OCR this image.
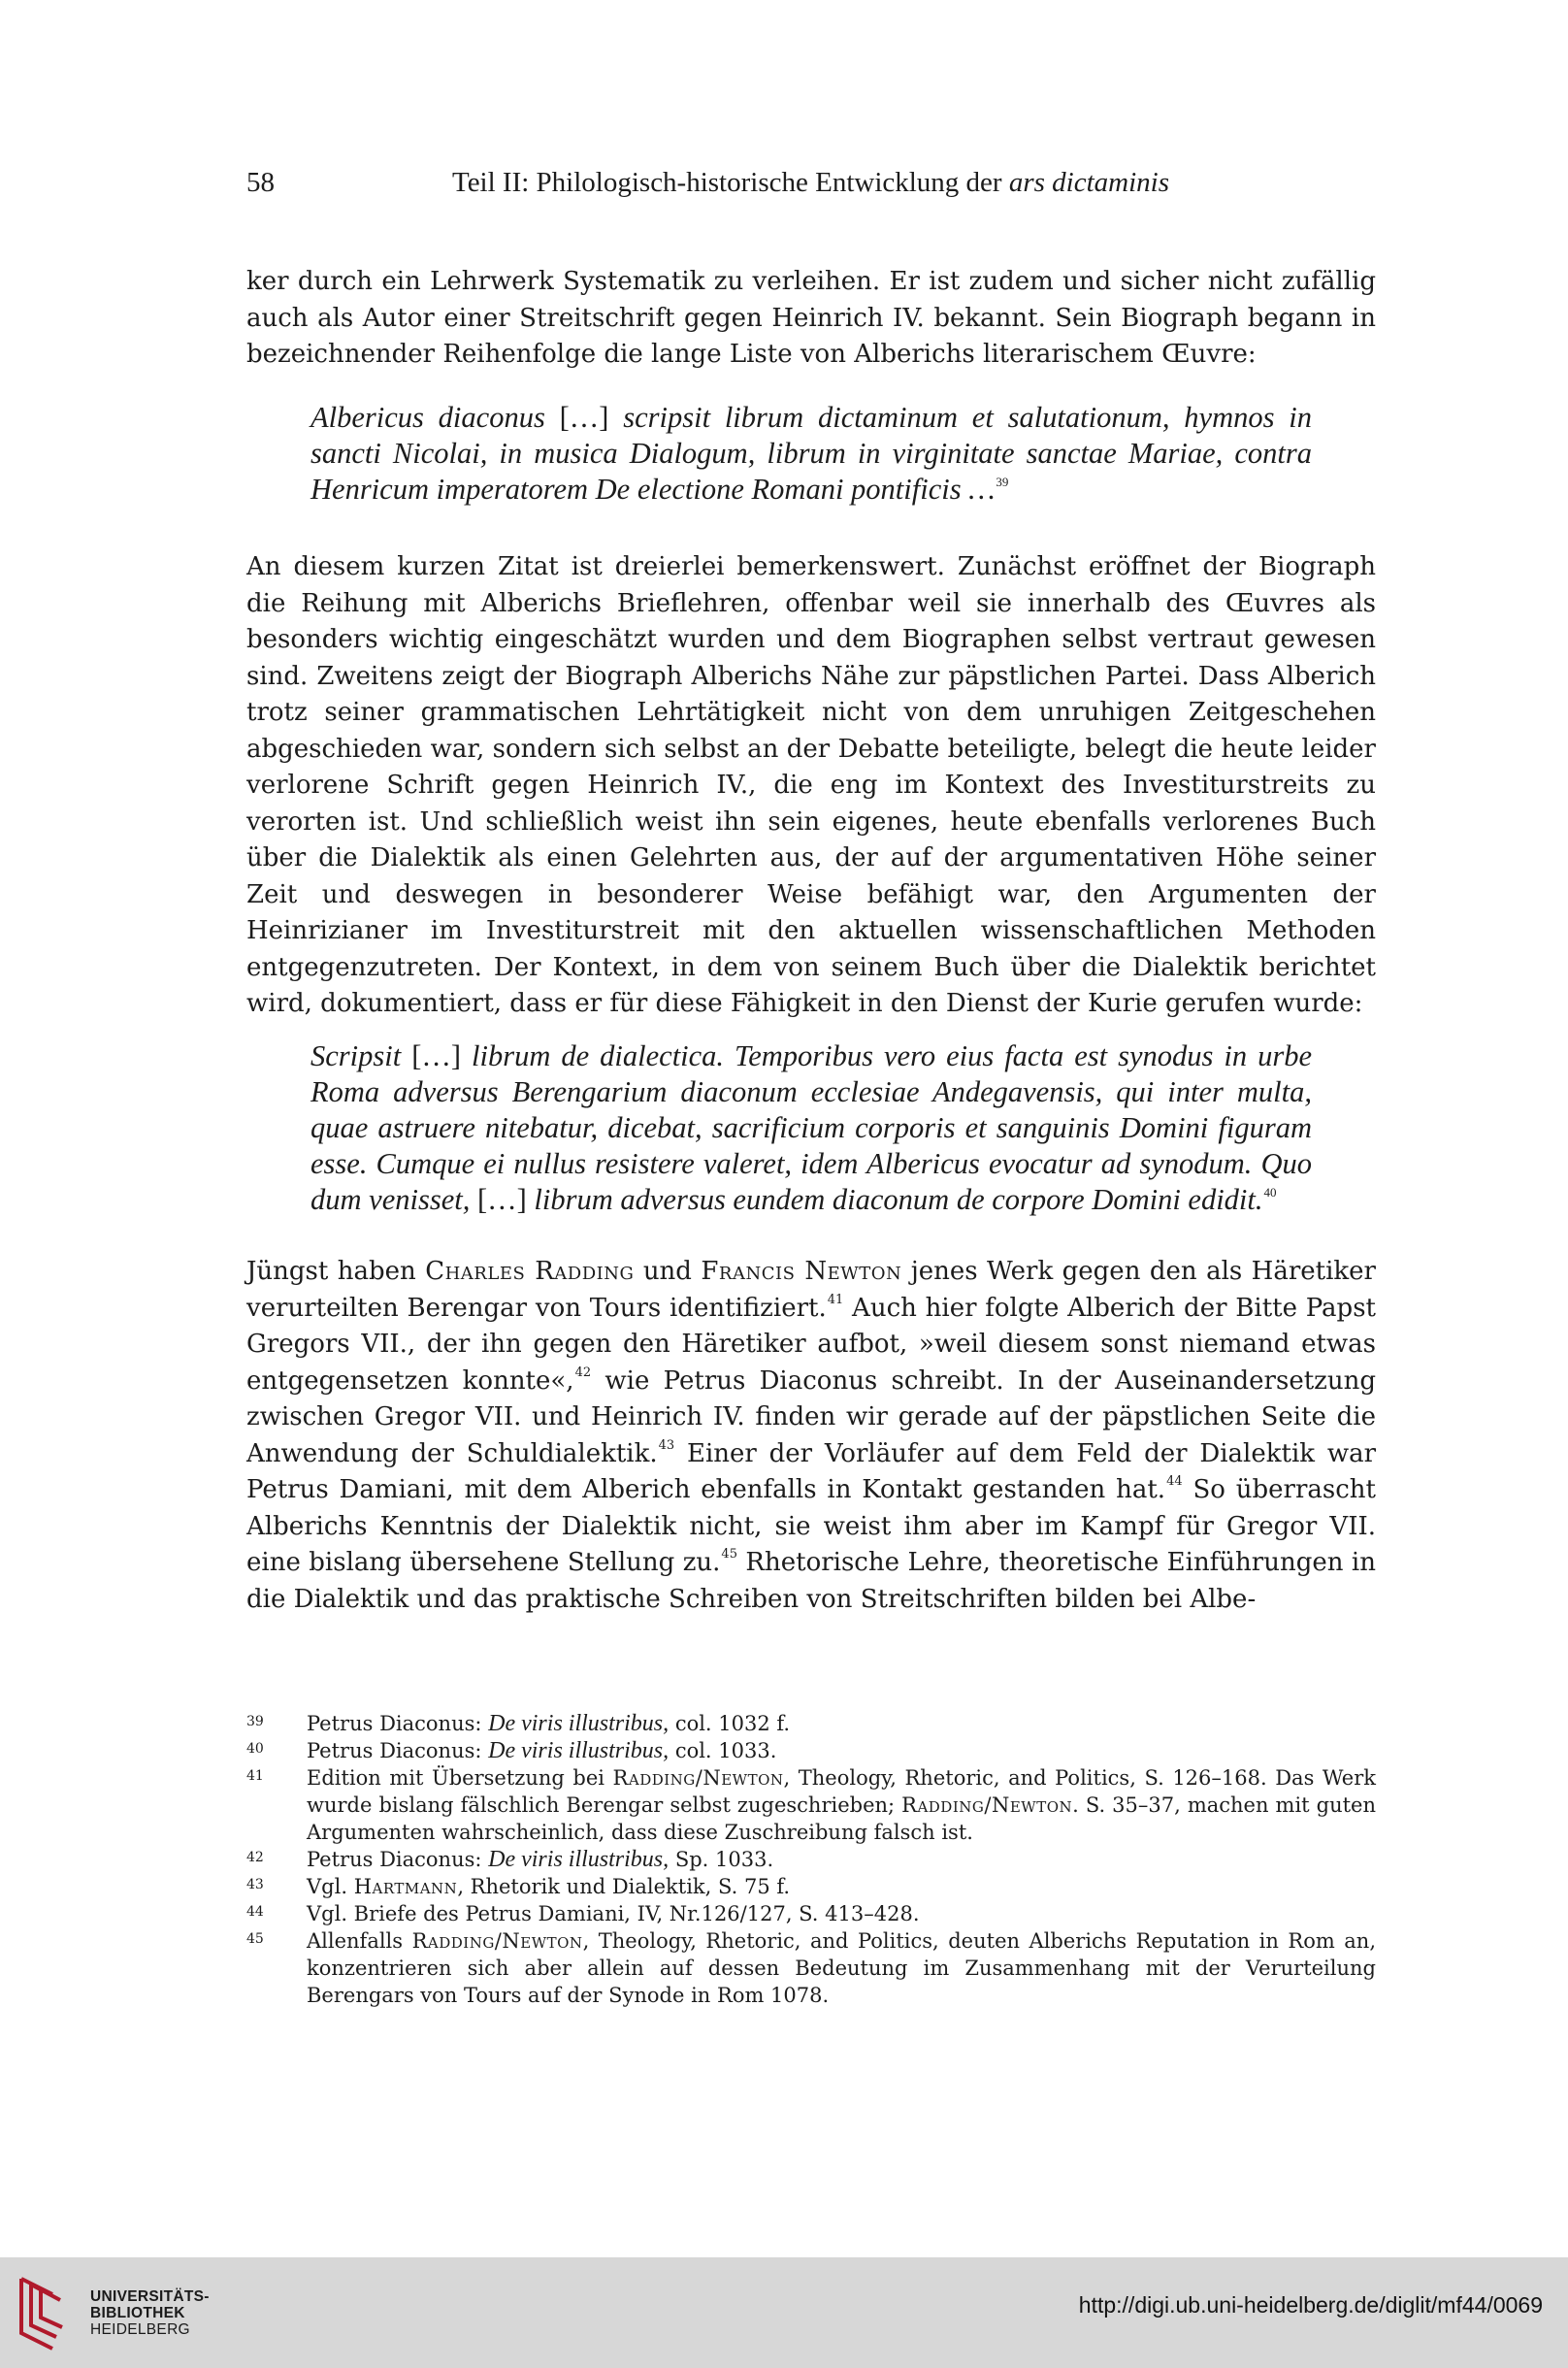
58	Teil II: Philologisch-historische Entwicklung der ars dictaminis

ker durch ein Lehrwerk Systematik zu verleihen. Er ist zudem und sicher nicht zufällig auch als Autor einer Streitschrift gegen Heinrich IV. bekannt. Sein Biograph begann in bezeichnender Reihenfolge die lange Liste von Alberichs literarischem Œuvre:

Albericus diaconus […] scripsit librum dictaminum et salutationum, hymnos in sancti Nicolai, in musica Dialogum, librum in virginitate sanctae Mariae, contra Henricum imperatorem De electione Romani pontificis …$^{39}$

An diesem kurzen Zitat ist dreierlei bemerkenswert. Zunächst eröffnet der Biograph die Reihung mit Alberichs Brieflehren, offenbar weil sie innerhalb des Œuvres als besonders wichtig eingeschätzt wurden und dem Biographen selbst vertraut gewesen sind. Zweitens zeigt der Biograph Alberichs Nähe zur päpstlichen Partei. Dass Alberich trotz seiner grammatischen Lehrtätigkeit nicht von dem unruhigen Zeitgeschehen abgeschieden war, sondern sich selbst an der Debatte beteiligte, belegt die heute leider verlorene Schrift gegen Heinrich IV., die eng im Kontext des Investiturstreits zu verorten ist. Und schließlich weist ihn sein eigenes, heute ebenfalls verlorenes Buch über die Dialektik als einen Gelehrten aus, der auf der argumentativen Höhe seiner Zeit und deswegen in besonderer Weise befähigt war, den Argumenten der Heinrizianer im Investiturstreit mit den aktuellen wissenschaftlichen Methoden entgegenzutreten. Der Kontext, in dem von seinem Buch über die Dialektik berichtet wird, dokumentiert, dass er für diese Fähigkeit in den Dienst der Kurie gerufen wurde:

Scripsit […] librum de dialectica. Temporibus vero eius facta est synodus in urbe Roma adversus Berengarium diaconum ecclesiae Andegavensis, qui inter multa, quae astruere nitebatur, dicebat, sacrificium corporis et sanguinis Domini figuram esse. Cumque ei nullus resistere valeret, idem Albericus evocatur ad synodum. Quo dum venisset, […] librum adversus eundem diaconum de corpore Domini edidit.$^{40}$

Jüngst haben Charles Radding und Francis Newton jenes Werk gegen den als Häretiker verurteilten Berengar von Tours identifiziert.$^{41}$ Auch hier folgte Alberich der Bitte Papst Gregors VII., der ihn gegen den Häretiker aufbot, »weil diesem sonst niemand etwas entgegensetzen konnte«,$^{42}$ wie Petrus Diaconus schreibt. In der Auseinandersetzung zwischen Gregor VII. und Heinrich IV. finden wir gerade auf der päpstlichen Seite die Anwendung der Schuldialektik.$^{43}$ Einer der Vorläufer auf dem Feld der Dialektik war Petrus Damiani, mit dem Alberich ebenfalls in Kontakt gestanden hat.$^{44}$ So überrascht Alberichs Kenntnis der Dialektik nicht, sie weist ihm aber im Kampf für Gregor VII. eine bislang übersehene Stellung zu.$^{45}$ Rhetorische Lehre, theoretische Einführungen in die Dialektik und das praktische Schreiben von Streitschriften bilden bei Albe-

39 Petrus Diaconus: De viris illustribus, col. 1032 f.
40 Petrus Diaconus: De viris illustribus, col. 1033.
41 Edition mit Übersetzung bei Radding/Newton, Theology, Rhetoric, and Politics, S. 126–168. Das Werk wurde bislang fälschlich Berengar selbst zugeschrieben; Radding/Newton. S. 35–37, machen mit guten Argumenten wahrscheinlich, dass diese Zuschreibung falsch ist.
42 Petrus Diaconus: De viris illustribus, Sp. 1033.
43 Vgl. Hartmann, Rhetorik und Dialektik, S. 75 f.
44 Vgl. Briefe des Petrus Damiani, IV, Nr.126/127, S. 413–428.
45 Allenfalls Radding/Newton, Theology, Rhetoric, and Politics, deuten Alberichs Reputation in Rom an, konzentrieren sich aber allein auf dessen Bedeutung im Zusammenhang mit der Verurteilung Berengars von Tours auf der Synode in Rom 1078.
UNIVERSITÄTS-
BIBLIOTHEK
HEIDELBERG
http://digi.ub.uni-heidelberg.de/diglit/mf44/0069
